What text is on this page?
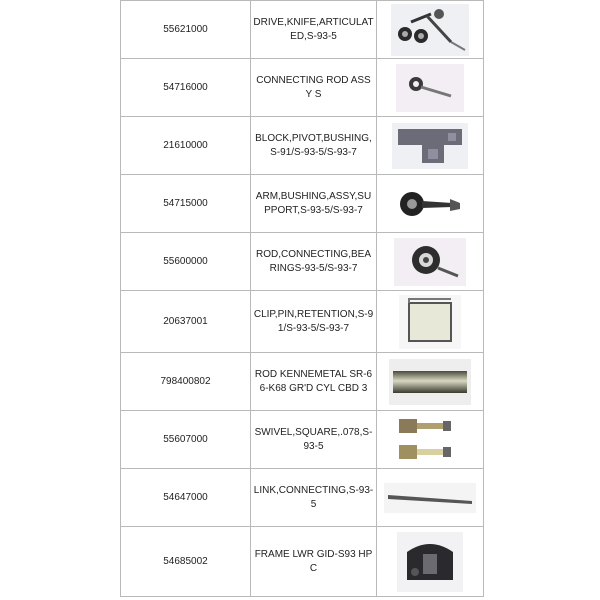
55621000	DRIVE,KNIFE,ARTICULATED,S-93-5	

54716000	CONNECTING ROD ASSY S	

21610000	BLOCK,PIVOT,BUSHING, S-91/S-93-5/S-93-7	

54715000	ARM,BUSHING,ASSY,SUPPORT,S-93-5/S-93-7	

55600000	ROD,CONNECTING,BEARINGS-93-5/S-93-7	

20637001	CLIP,PIN,RETENTION,S-91/S-93-5/S-93-7	

798400802	ROD KENNEMETAL SR-66-K68 GR'D CYL CBD 3	

55607000	SWIVEL,SQUARE,.078,S-93-5	

54647000	LINK,CONNECTING,S-93-5	

54685002	FRAME LWR GID-S93 HPC	
